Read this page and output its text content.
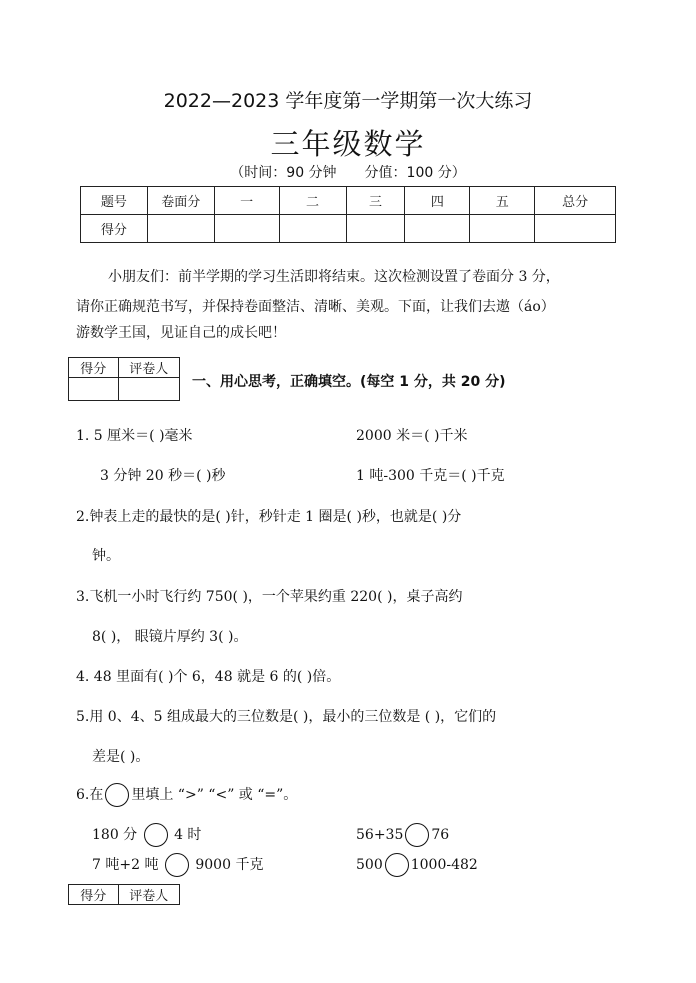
2022—2023 学年度第一学期第一次大练习
三年级数学
（时间：90 分钟 分值：100 分）
题号	卷面分	一	二	三	四	五	总分
得分							
小朋友们：前半学期的学习生活即将结束。这次检测设置了卷面分 3 分，
请你正确规范书写，并保持卷面整洁、清晰、美观。下面，让我们去遨（áo）
游数学王国，见证自己的成长吧！
得分	评卷人

一、用心思考，正确填空。(每空 1 分，共 20 分)
1. 5 厘米＝( )毫米	2000 米＝( )千米
3 分钟 20 秒＝( )秒	1 吨-300 千克＝( )千克
2.钟表上走的最快的是( )针，秒针走 1 圈是( )秒，也就是( )分
钟。
3.飞机一小时飞行约 750( )，一个苹果约重 220( )，桌子高约
8( )， 眼镜片厚约 3( )。
4. 48 里面有( )个 6，48 就是 6 的( )倍。
5.用 0、4、5 组成最大的三位数是( )，最小的三位数是 ( )，它们的
差是( )。
6.在 里填上 “>” “<” 或 “=”。
180 分	4 时	56+35 76
7 吨+2 吨	9000 千克	500 1000-482
得分	评卷人
